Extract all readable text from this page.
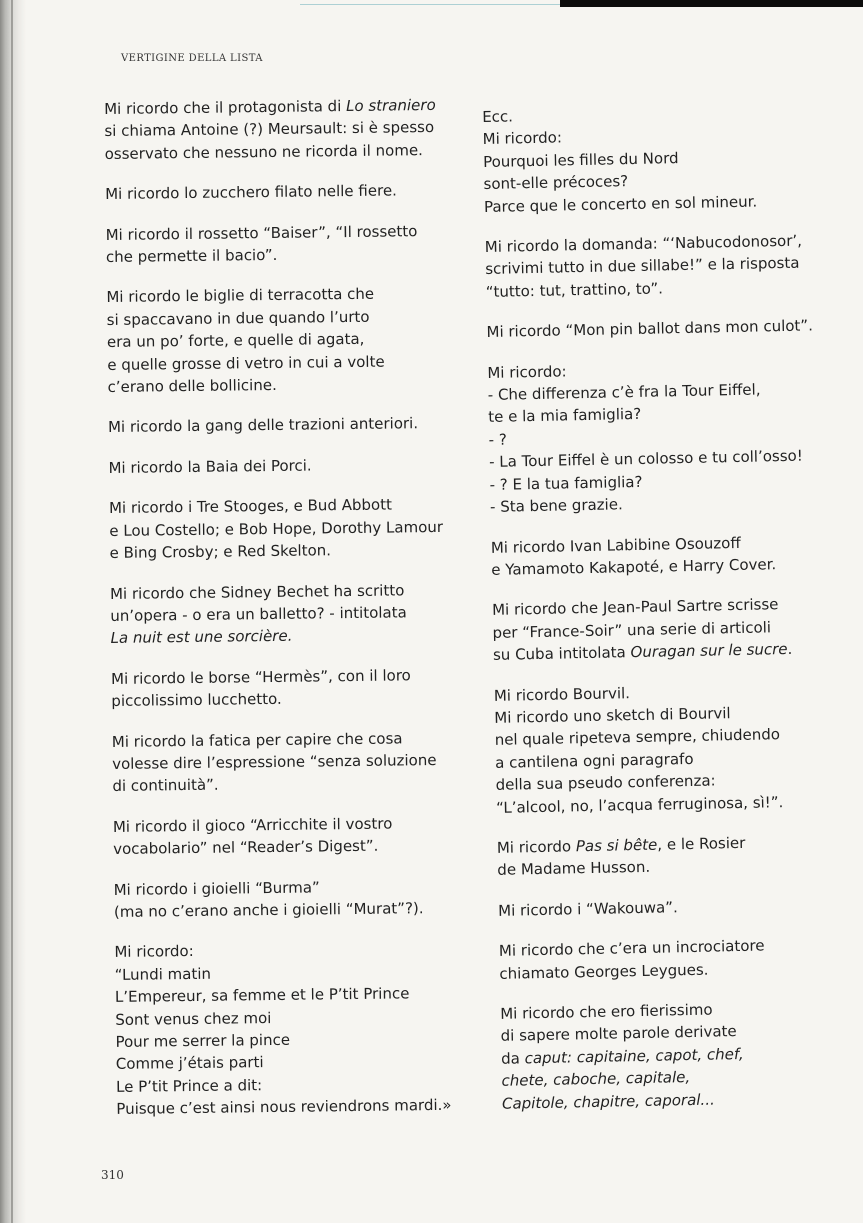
VERTIGINE DELLA LISTA

Mi ricordo che il protagonista di Lo straniero
si chiama Antoine (?) Meursault: si è spesso
osservato che nessuno ne ricorda il nome.

Mi ricordo lo zucchero filato nelle fiere.

Mi ricordo il rossetto “Baiser”, “Il rossetto
che permette il bacio”.

Mi ricordo le biglie di terracotta che
si spaccavano in due quando l’urto
era un po’ forte, e quelle di agata,
e quelle grosse di vetro in cui a volte
c’erano delle bollicine.

Mi ricordo la gang delle trazioni anteriori.

Mi ricordo la Baia dei Porci.

Mi ricordo i Tre Stooges, e Bud Abbott
e Lou Costello; e Bob Hope, Dorothy Lamour
e Bing Crosby; e Red Skelton.

Mi ricordo che Sidney Bechet ha scritto
un’opera - o era un balletto? - intitolata
La nuit est une sorcière.

Mi ricordo le borse “Hermès”, con il loro
piccolissimo lucchetto.

Mi ricordo la fatica per capire che cosa
volesse dire l’espressione “senza soluzione
di continuità”.

Mi ricordo il gioco “Arricchite il vostro
vocabolario” nel “Reader’s Digest”.

Mi ricordo i gioielli “Burma”
(ma no c’erano anche i gioielli “Murat”?).

Mi ricordo:
“Lundi matin
L’Empereur, sa femme et le P’tit Prince
Sont venus chez moi
Pour me serrer la pince
Comme j’étais parti
Le P’tit Prince a dit:
Puisque c’est ainsi nous reviendrons mardi.»

Ecc.
Mi ricordo:
Pourquoi les filles du Nord
sont-elle précoces?
Parce que le concerto en sol mineur.

Mi ricordo la domanda: “‘Nabucodonosor’,
scrivimi tutto in due sillabe!” e la risposta
“tutto: tut, trattino, to”.

Mi ricordo “Mon pin ballot dans mon culot”.

Mi ricordo:
- Che differenza c’è fra la Tour Eiffel,
te e la mia famiglia?
- ?
- La Tour Eiffel è un colosso e tu coll’osso!
- ? E la tua famiglia?
- Sta bene grazie.

Mi ricordo Ivan Labibine Osouzoff
e Yamamoto Kakapoté, e Harry Cover.

Mi ricordo che Jean-Paul Sartre scrisse
per “France-Soir” una serie di articoli
su Cuba intitolata Ouragan sur le sucre.

Mi ricordo Bourvil.
Mi ricordo uno sketch di Bourvil
nel quale ripeteva sempre, chiudendo
a cantilena ogni paragrafo
della sua pseudo conferenza:
“L’alcool, no, l’acqua ferruginosa, sì!”.

Mi ricordo Pas si bête, e le Rosier
de Madame Husson.

Mi ricordo i “Wakouwa”.

Mi ricordo che c’era un incrociatore
chiamato Georges Leygues.

Mi ricordo che ero fierissimo
di sapere molte parole derivate
da caput: capitaine, capot, chef,
chete, caboche, capitale,
Capitole, chapitre, caporal...

310
